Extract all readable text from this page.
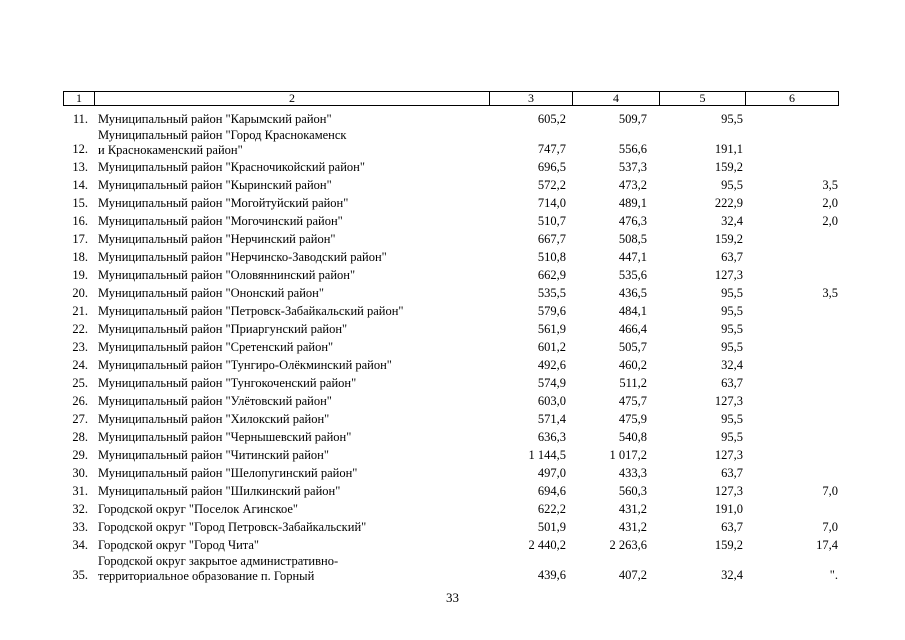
1	2	3	4	5	6
11.	Муниципальный район "Карымский район"	605,2	509,7	95,5	
12.	Муниципальный район "Город Краснокаменск
и Краснокаменский район"	747,7	556,6	191,1	
13.	Муниципальный район "Красночикойский район"	696,5	537,3	159,2	
14.	Муниципальный район "Кыринский район"	572,2	473,2	95,5	3,5
15.	Муниципальный район "Могойтуйский район"	714,0	489,1	222,9	2,0
16.	Муниципальный район "Могочинский район"	510,7	476,3	32,4	2,0
17.	Муниципальный район "Нерчинский район"	667,7	508,5	159,2	
18.	Муниципальный район "Нерчинско-Заводский район"	510,8	447,1	63,7	
19.	Муниципальный район "Оловяннинский район"	662,9	535,6	127,3	
20.	Муниципальный район "Ононский район"	535,5	436,5	95,5	3,5
21.	Муниципальный район "Петровск-Забайкальский район"	579,6	484,1	95,5	
22.	Муниципальный район "Приаргунский район"	561,9	466,4	95,5	
23.	Муниципальный район "Сретенский район"	601,2	505,7	95,5	
24.	Муниципальный район "Тунгиро-Олёкминский район"	492,6	460,2	32,4	
25.	Муниципальный район "Тунгокоченский район"	574,9	511,2	63,7	
26.	Муниципальный район "Улётовский район"	603,0	475,7	127,3	
27.	Муниципальный район "Хилокский район"	571,4	475,9	95,5	
28.	Муниципальный район "Чернышевский район"	636,3	540,8	95,5	
29.	Муниципальный район "Читинский район"	1 144,5	1 017,2	127,3	
30.	Муниципальный район "Шелопугинский район"	497,0	433,3	63,7	
31.	Муниципальный район "Шилкинский район"	694,6	560,3	127,3	7,0
32.	Городской округ "Поселок Агинское"	622,2	431,2	191,0	
33.	Городской округ "Город Петровск-Забайкальский"	501,9	431,2	63,7	7,0
34.	Городской округ "Город Чита"	2 440,2	2 263,6	159,2	17,4
35.	Городской округ закрытое административно-
территориальное образование п. Горный	439,6	407,2	32,4	".
33
